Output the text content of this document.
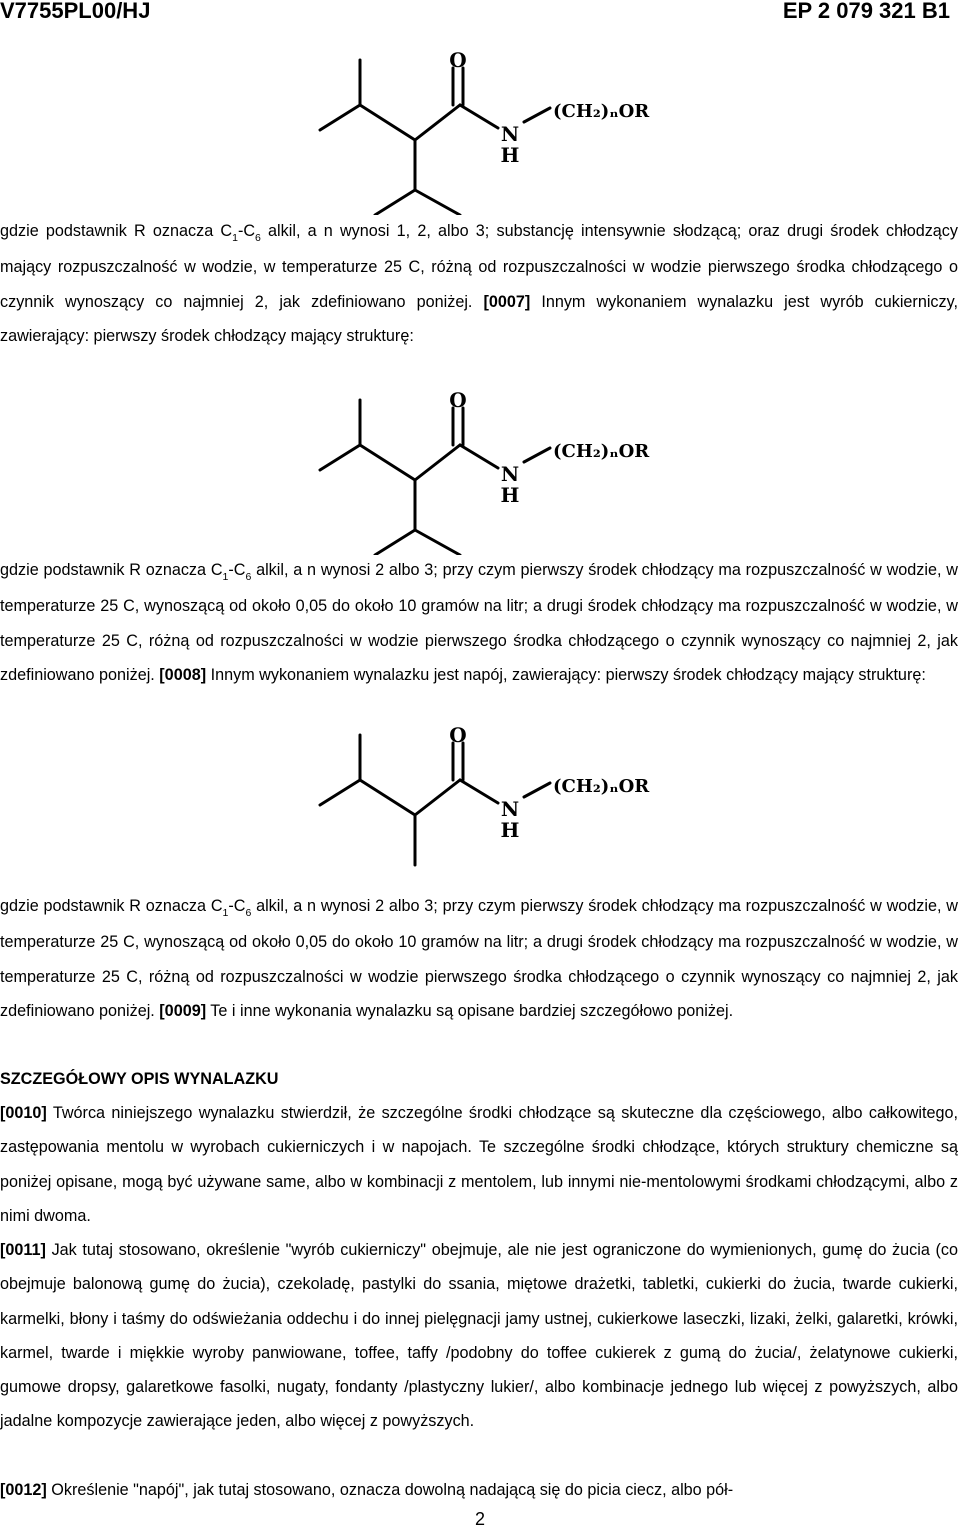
V7755PL00/HJ	EP 2 079 321 B1
O
N
H
(CH₂)ₙOR

gdzie podstawnik R oznacza $C_1-C_6$ alkil, a n wynosi 1, 2, albo 3; substancję intensywnie słodzącą; oraz drugi środek chłodzący mający rozpuszczalność w wodzie, w temperaturze 25 C, różną od rozpuszczalności w wodzie pierwszego środka chłodzącego o czynnik wynoszący co najmniej 2, jak zdefiniowano poniżej. [0007] Innym wykonaniem wynalazku jest wyrób cukierniczy, zawierający: pierwszy środek chłodzący mający strukturę:

O
N
H
(CH₂)ₙOR

gdzie podstawnik R oznacza $C_1-C_6$ alkil, a n wynosi 2 albo 3; przy czym pierwszy środek chłodzący ma rozpuszczalność w wodzie, w temperaturze 25 C, wynoszącą od około 0,05 do około 10 gramów na litr; a drugi środek chłodzący ma rozpuszczalność w wodzie, w temperaturze 25 C, różną od rozpuszczalności w wodzie pierwszego środka chłodzącego o czynnik wynoszący co najmniej 2, jak zdefiniowano poniżej. [0008] Innym wykonaniem wynalazku jest napój, zawierający: pierwszy środek chłodzący mający strukturę:

O
N
H
(CH₂)ₙOR

gdzie podstawnik R oznacza $C_1-C_6$ alkil, a n wynosi 2 albo 3; przy czym pierwszy środek chłodzący ma rozpuszczalność w wodzie, w temperaturze 25 C, wynoszącą od około 0,05 do około 10 gramów na litr; a drugi środek chłodzący ma rozpuszczalność w wodzie, w temperaturze 25 C, różną od rozpuszczalności w wodzie pierwszego środka chłodzącego o czynnik wynoszący co najmniej 2, jak zdefiniowano poniżej. [0009] Te i inne wykonania wynalazku są opisane bardziej szczegółowo poniżej.

SZCZEGÓŁOWY OPIS WYNALAZKU

[0010] Twórca niniejszego wynalazku stwierdził, że szczególne środki chłodzące są skuteczne dla częściowego, albo całkowitego, zastępowania mentolu w wyrobach cukierniczych i w napojach. Te szczególne środki chłodzące, których struktury chemiczne są poniżej opisane, mogą być używane same, albo w kombinacji z mentolem, lub innymi nie-mentolowymi środkami chłodzącymi, albo z nimi dwoma.

[0011] Jak tutaj stosowano, określenie "wyrób cukierniczy" obejmuje, ale nie jest ograniczone do wymienionych, gumę do żucia (co obejmuje balonową gumę do żucia), czekoladę, pastylki do ssania, miętowe drażetki, tabletki, cukierki do żucia, twarde cukierki, karmelki, błony i taśmy do odświeżania oddechu i do innej pielęgnacji jamy ustnej, cukierkowe laseczki, lizaki, żelki, galaretki, krówki, karmel, twarde i miękkie wyroby panwiowane, toffee, taffy /podobny do toffee cukierek z gumą do żucia/, żelatynowe cukierki, gumowe dropsy, galaretkowe fasolki, nugaty, fondanty /plastyczny lukier/, albo kombinacje jednego lub więcej z powyższych, albo jadalne kompozycje zawierające jeden, albo więcej z powyższych.

[0012] Określenie "napój", jak tutaj stosowano, oznacza dowolną nadającą się do picia ciecz, albo pół-

2
